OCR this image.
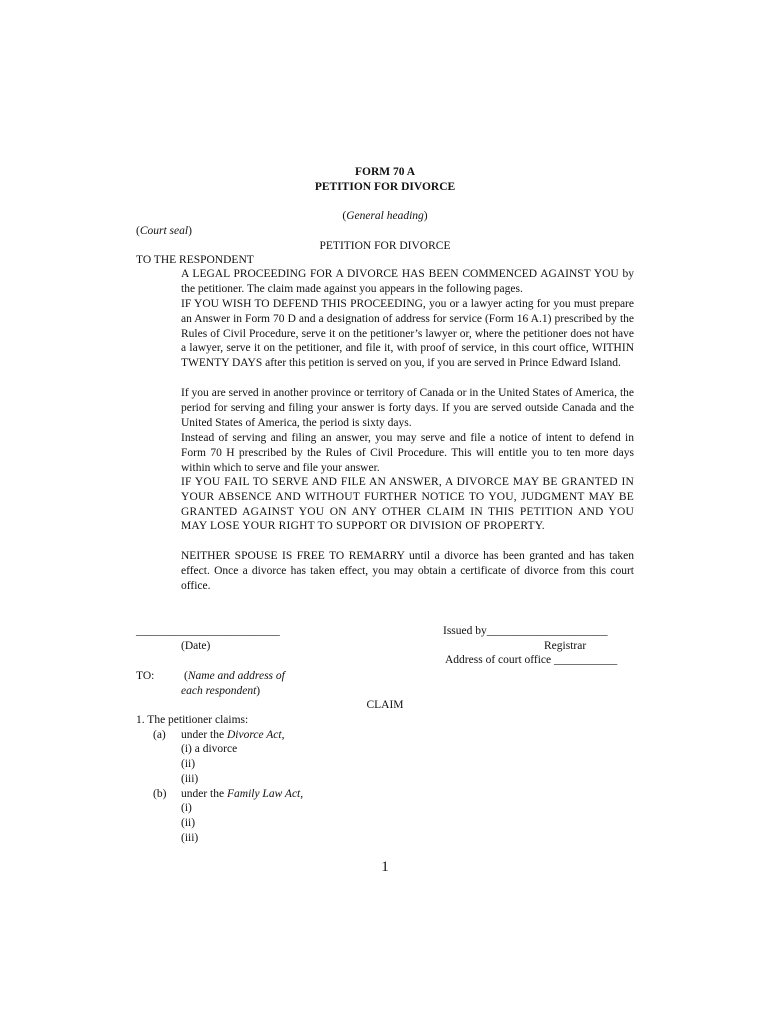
FORM 70 A
PETITION FOR DIVORCE
(General heading)
(Court seal)
PETITION FOR DIVORCE
TO THE RESPONDENT
A LEGAL PROCEEDING FOR A DIVORCE HAS BEEN COMMENCED AGAINST YOU by the petitioner. The claim made against you appears in the following pages.
IF YOU WISH TO DEFEND THIS PROCEEDING, you or a lawyer acting for you must prepare an Answer in Form 70 D and a designation of address for service (Form 16 A.1) prescribed by the Rules of Civil Procedure, serve it on the petitioner’s lawyer or, where the petitioner does not have a lawyer, serve it on the petitioner, and file it, with proof of service, in this court office, WITHIN TWENTY DAYS after this petition is served on you, if you are served in Prince Edward Island.
If you are served in another province or territory of Canada or in the United States of America, the period for serving and filing your answer is forty days. If you are served outside Canada and the United States of America, the period is sixty days.
Instead of serving and filing an answer, you may serve and file a notice of intent to defend in Form 70 H prescribed by the Rules of Civil Procedure. This will entitle you to ten more days within which to serve and file your answer.
IF YOU FAIL TO SERVE AND FILE AN ANSWER, A DIVORCE MAY BE GRANTED IN YOUR ABSENCE AND WITHOUT FURTHER NOTICE TO YOU, JUDGMENT MAY BE GRANTED AGAINST YOU ON ANY OTHER CLAIM IN THIS PETITION AND YOU MAY LOSE YOUR RIGHT TO SUPPORT OR DIVISION OF PROPERTY.
NEITHER SPOUSE IS FREE TO REMARRY until a divorce has been granted and has taken effect. Once a divorce has taken effect, you may obtain a certificate of divorce from this court office.
_________________________
(Date)
Issued by_____________________
Registrar
Address of court office ___________
TO:	(Name and address of
each respondent)
CLAIM
1. The petitioner claims:
(a) under the Divorce Act,
(i) a divorce
(ii)
(iii)
(b) under the Family Law Act,
(i)
(ii)
(iii)
1
